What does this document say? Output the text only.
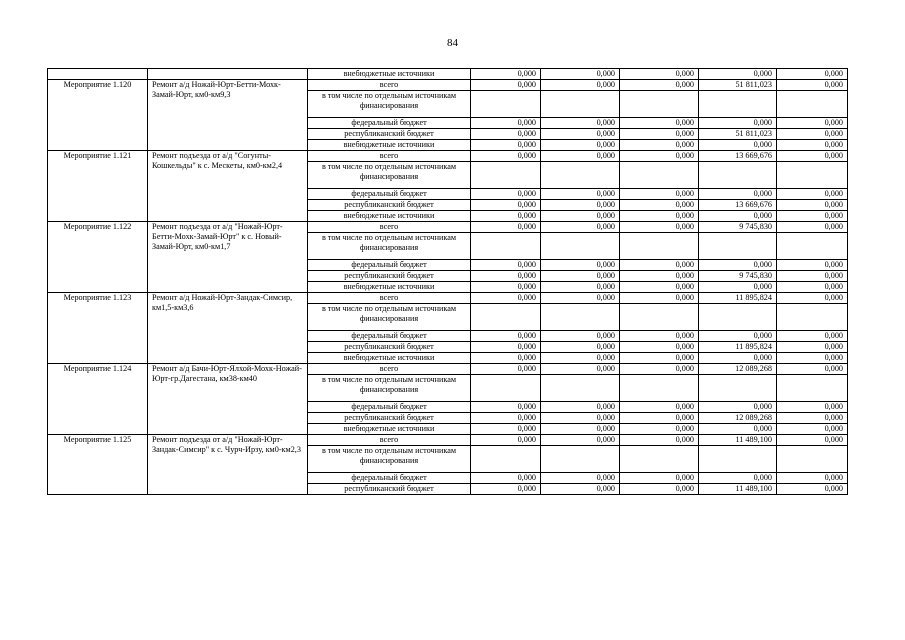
84
		внебюджетные источники	0,000	0,000	0,000	0,000	0,000
Мероприятие 1.120	Ремонт а/д Ножай-Юрт-Бетти-Мохк-Замай-Юрт, км0-км9,3	всего	0,000	0,000	0,000	51 811,023	0,000
		в том числе по отдельным источникам финансирования					
		федеральный бюджет	0,000	0,000	0,000	0,000	0,000
		республиканский бюджет	0,000	0,000	0,000	51 811,023	0,000
		внебюджетные источники	0,000	0,000	0,000	0,000	0,000
Мероприятие 1.121	Ремонт подъезда от а/д "Согунты-Кошкельды" к с. Мескеты, км0-км2,4	всего	0,000	0,000	0,000	13 669,676	0,000
		в том числе по отдельным источникам финансирования					
		федеральный бюджет	0,000	0,000	0,000	0,000	0,000
		республиканский бюджет	0,000	0,000	0,000	13 669,676	0,000
		внебюджетные источники	0,000	0,000	0,000	0,000	0,000
Мероприятие 1.122	Ремонт подъезда от а/д "Ножай-Юрт-Бетти-Мохк-Замай-Юрт" к с. Новый-Замай-Юрт, км0-км1,7	всего	0,000	0,000	0,000	9 745,830	0,000
		в том числе по отдельным источникам финансирования					
		федеральный бюджет	0,000	0,000	0,000	0,000	0,000
		республиканский бюджет	0,000	0,000	0,000	9 745,830	0,000
		внебюджетные источники	0,000	0,000	0,000	0,000	0,000
Мероприятие 1.123	Ремонт а/д Ножай-Юрт-Зандак-Симсир, км1,5-км3,6	всего	0,000	0,000	0,000	11 895,824	0,000
		в том числе по отдельным источникам финансирования					
		федеральный бюджет	0,000	0,000	0,000	0,000	0,000
		республиканский бюджет	0,000	0,000	0,000	11 895,824	0,000
		внебюджетные источники	0,000	0,000	0,000	0,000	0,000
Мероприятие 1.124	Ремонт а/д Бачи-Юрт-Ялхой-Мохк-Ножай-Юрт-гр.Дагестана, км38-км40	всего	0,000	0,000	0,000	12 089,268	0,000
		в том числе по отдельным источникам финансирования					
		федеральный бюджет	0,000	0,000	0,000	0,000	0,000
		республиканский бюджет	0,000	0,000	0,000	12 089,268	0,000
		внебюджетные источники	0,000	0,000	0,000	0,000	0,000
Мероприятие 1.125	Ремонт подъезда от а/д "Ножай-Юрт-Зандак-Симсир" к с. Чурч-Ирзу, км0-км2,3	всего	0,000	0,000	0,000	11 489,100	0,000
		в том числе по отдельным источникам финансирования					
		федеральный бюджет	0,000	0,000	0,000	0,000	0,000
		республиканский бюджет	0,000	0,000	0,000	11 489,100	0,000
